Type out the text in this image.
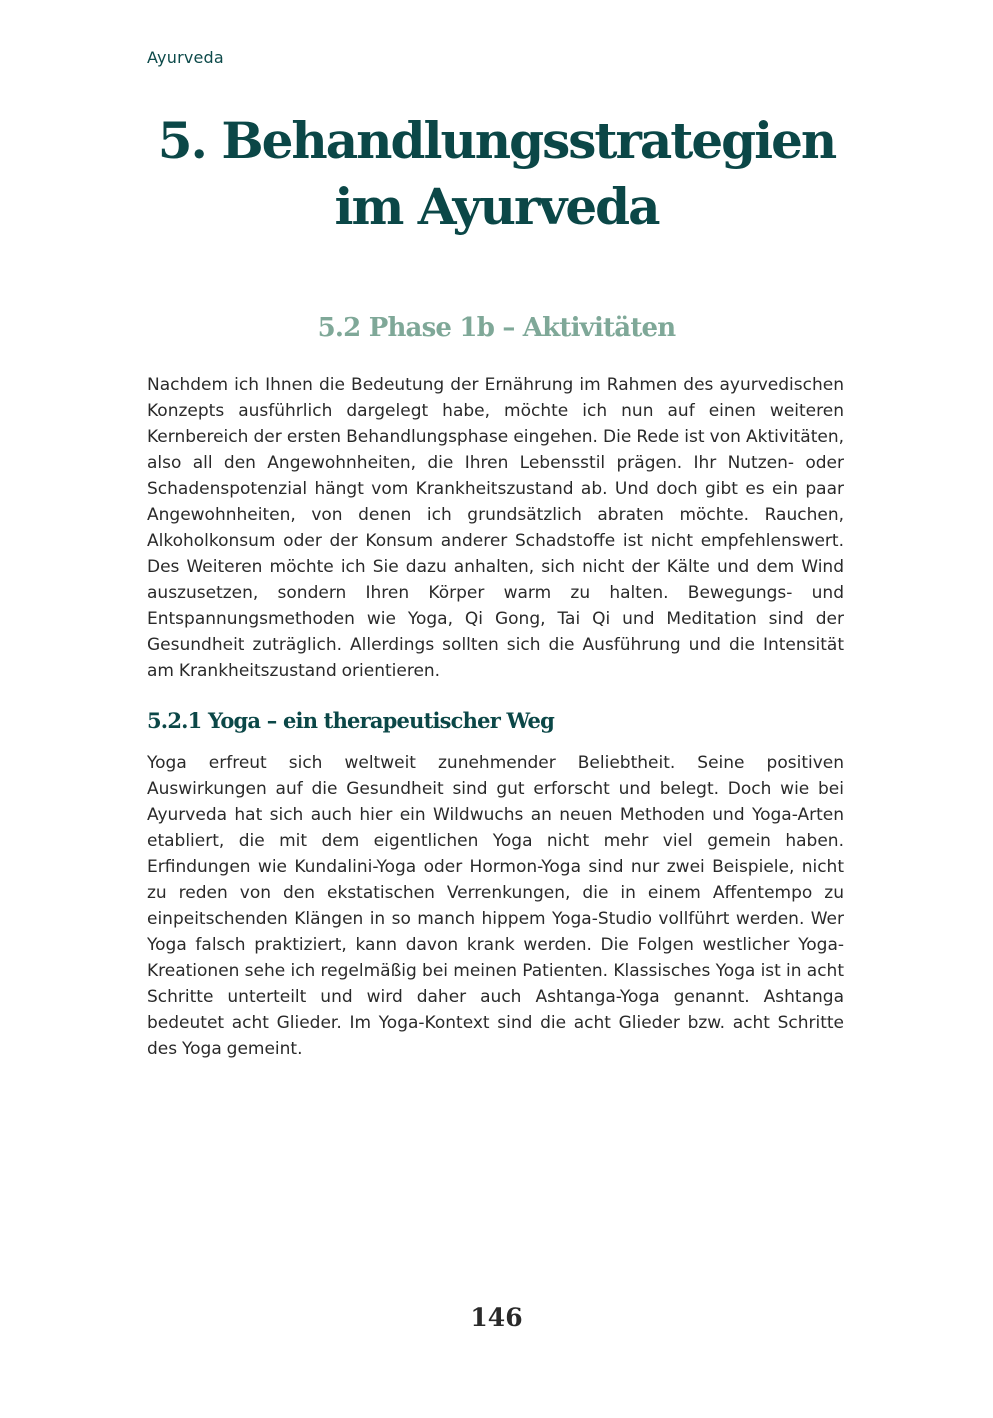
Ayurveda
5. Behandlungsstrategien
im Ayurveda
5.2 Phase 1b – Aktivitäten

Nachdem ich Ihnen die Bedeutung der Ernährung im Rahmen des ayurvedischen Konzepts ausführlich dargelegt habe, möchte ich nun auf einen weiteren Kernbereich der ersten Behandlungsphase eingehen. Die Rede ist von Aktivitäten, also all den Angewohnheiten, die Ihren Lebensstil prägen. Ihr Nutzen- oder Schadenspotenzial hängt vom Krankheitszustand ab. Und doch gibt es ein paar Angewohnheiten, von denen ich grundsätzlich abraten möchte. Rauchen, Alkoholkonsum oder der Konsum anderer Schadstoffe ist nicht empfehlenswert. Des Weiteren möchte ich Sie dazu anhalten, sich nicht der Kälte und dem Wind auszusetzen, sondern Ihren Körper warm zu halten. Bewegungs- und Entspannungsmethoden wie Yoga, Qi Gong, Tai Qi und Meditation sind der Gesundheit zuträglich. Allerdings sollten sich die Ausführung und die Intensität am Krankheitszustand orientieren.

5.2.1 Yoga – ein therapeutischer Weg

Yoga erfreut sich weltweit zunehmender Beliebtheit. Seine positiven Auswirkungen auf die Gesundheit sind gut erforscht und belegt. Doch wie bei Ayurveda hat sich auch hier ein Wildwuchs an neuen Methoden und Yoga-Arten etabliert, die mit dem eigentlichen Yoga nicht mehr viel gemein haben. Erfindungen wie Kundalini-Yoga oder Hormon-Yoga sind nur zwei Beispiele, nicht zu reden von den ekstatischen Verrenkungen, die in einem Affentempo zu einpeitschenden Klängen in so manch hippem Yoga-Studio vollführt werden. Wer Yoga falsch praktiziert, kann davon krank werden. Die Folgen westlicher Yoga-Kreationen sehe ich regelmäßig bei meinen Patienten. Klassisches Yoga ist in acht Schritte unterteilt und wird daher auch Ashtanga-Yoga genannt. Ashtanga bedeutet acht Glieder. Im Yoga-Kontext sind die acht Glieder bzw. acht Schritte des Yoga gemeint.

146
